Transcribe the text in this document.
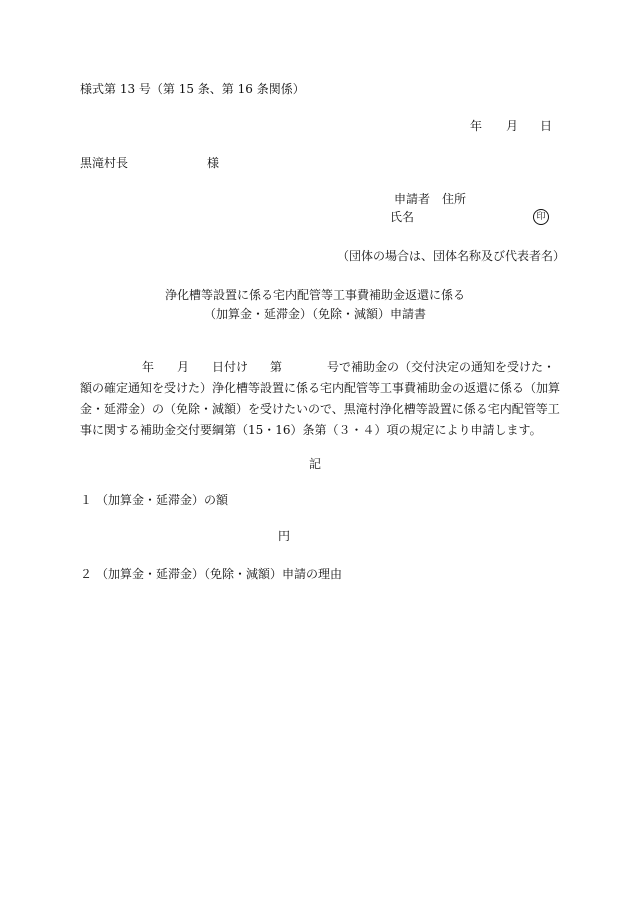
様式第 13 号（第 15 条、第 16 条関係）
年 月 日
黒滝村長	様
申請者 住所
氏名	印
（団体の場合は、団体名称及び代表者名）
浄化槽等設置に係る宅内配管等工事費補助金返還に係る
（加算金・延滞金）（免除・減額）申請書
年 月 日付け 第	号で補助金の（交付決定の通知を受けた・
額の確定通知を受けた）浄化槽等設置に係る宅内配管等工事費補助金の返還に係る（加算
金・延滞金）の（免除・減額）を受けたいので、黒滝村浄化槽等設置に係る宅内配管等工
事に関する補助金交付要綱第（15・16）条第（３・４）項の規定により申請します。
記
１ （加算金・延滞金）の額
円
２ （加算金・延滞金）（免除・減額）申請の理由
